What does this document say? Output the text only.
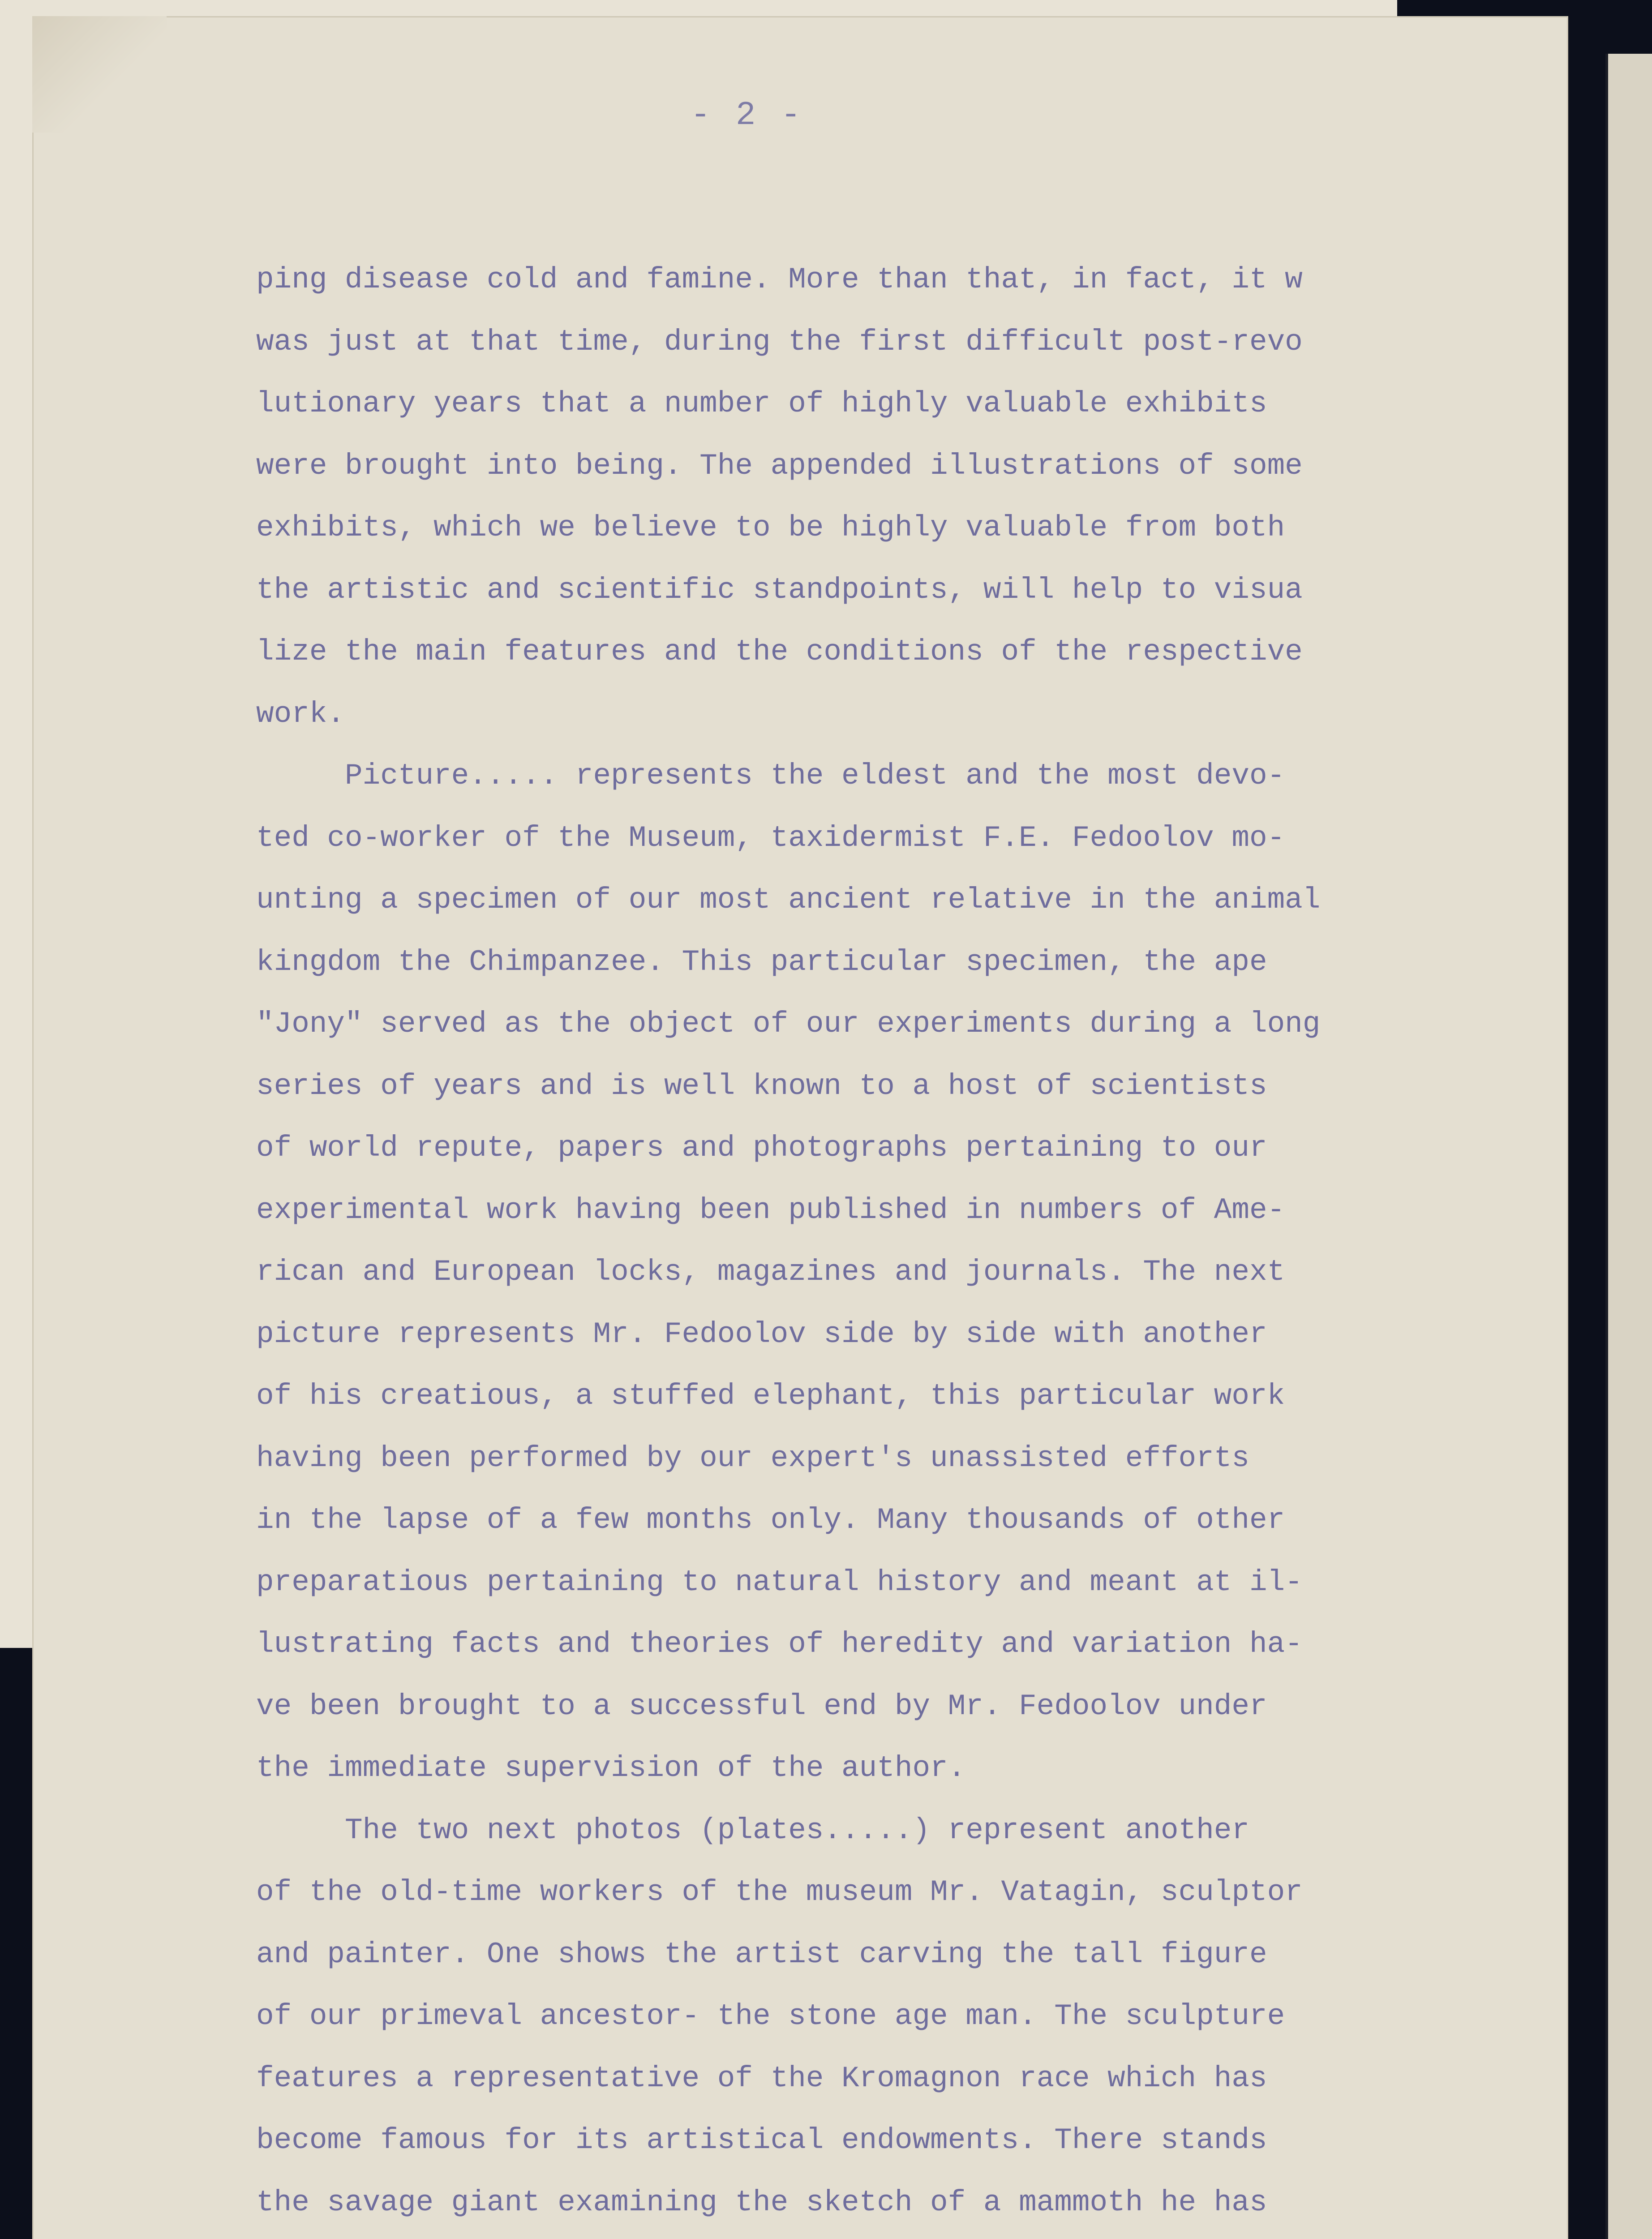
- 2 -
ping disease cold and famine. More than that, in fact, it w
was just at that time, during the first difficult post-revo
lutionary years that a number of highly valuable exhibits
were brought into being. The appended illustrations of some
exhibits, which we believe to be highly valuable from both
the artistic and scientific standpoints, will help to visua
lize the main features and the conditions of the respective
work.
Picture..... represents the eldest and the most devo-
ted co-worker of the Museum, taxidermist F.E. Fedoolov mo-
unting a specimen of our most ancient relative in the animal
kingdom the Chimpanzee. This particular specimen, the ape
"Jony" served as the object of our experiments during a long
series of years and is well known to a host of scientists
of world repute, papers and photographs pertaining to our
experimental work having been published in numbers of Ame-
rican and European locks, magazines and journals. The next
picture represents Mr. Fedoolov side by side with another
of his creatious, a stuffed elephant, this particular work
having been performed by our expert's unassisted efforts
in the lapse of a few months only. Many thousands of other
preparatious pertaining to natural history and meant at il-
lustrating facts and theories of heredity and variation ha-
ve been brought to a successful end by Mr. Fedoolov under
the immediate supervision of the author.
The two next photos (plates.....) represent another
of the old-time workers of the museum Mr. Vatagin, sculptor
and painter. One shows the artist carving the tall figure
of our primeval ancestor- the stone age man. The sculpture
features a representative of the Kromagnon race which has
become famous for its artistical endowments. There stands
the savage giant examining the sketch of a mammoth he has
